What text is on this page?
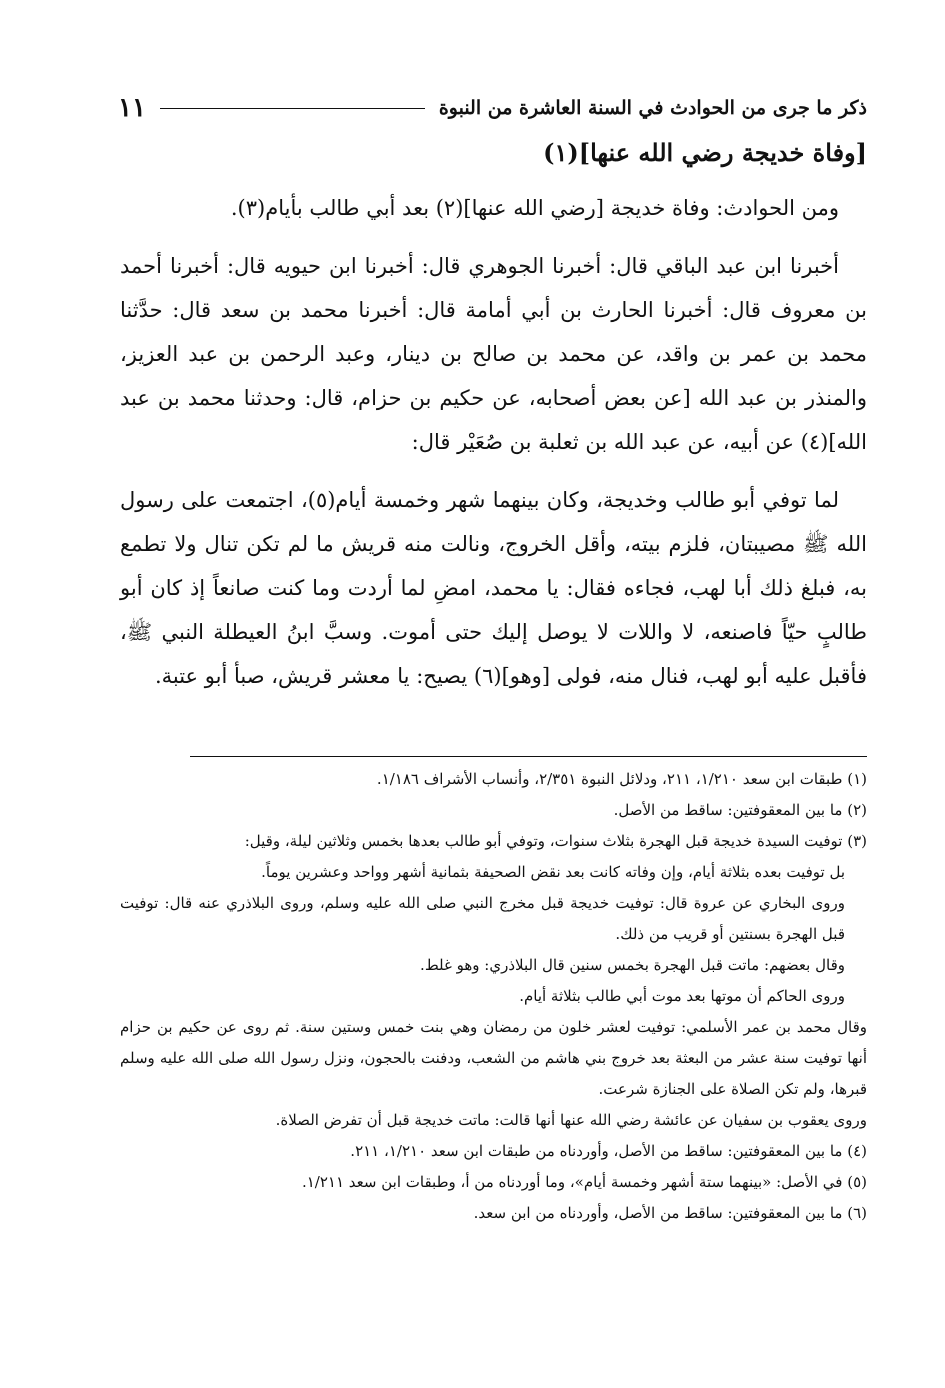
ذكر ما جرى من الحوادث في السنة العاشرة من النبوة
١١
[وفاة خديجة رضي الله عنها](١)

ومن الحوادث: وفاة خديجة [رضي الله عنها](٢) بعد أبي طالب بأيام(٣).

أخبرنا ابن عبد الباقي قال: أخبرنا الجوهري قال: أخبرنا ابن حيويه قال: أخبرنا أحمد بن معروف قال: أخبرنا الحارث بن أبي أمامة قال: أخبرنا محمد بن سعد قال: حدَّثنا محمد بن عمر بن واقد، عن محمد بن صالح بن دينار، وعبد الرحمن بن عبد العزيز، والمنذر بن عبد الله [عن بعض أصحابه، عن حكيم بن حزام، قال: وحدثنا محمد بن عبد الله](٤) عن أبيه، عن عبد الله بن ثعلبة بن صُعَيْر قال:

لما توفي أبو طالب وخديجة، وكان بينهما شهر وخمسة أيام(٥)، اجتمعت على رسول الله ﷺ مصيبتان، فلزم بيته، وأقل الخروج، ونالت منه قريش ما لم تكن تنال ولا تطمع به، فبلغ ذلك أبا لهب، فجاءه فقال: يا محمد، امضِ لما أردت وما كنت صانعاً إذ كان أبو طالبٍ حيّاً فاصنعه، لا واللات لا يوصل إليك حتى أموت. وسبَّ ابنُ العيطلة النبي ﷺ، فأقبل عليه أبو لهب، فنال منه، فولى [وهو](٦) يصيح: يا معشر قريش، صبأ أبو عتبة.

(١) طبقات ابن سعد ١/٢١٠، ٢١١، ودلائل النبوة ٢/٣٥١، وأنساب الأشراف ١/١٨٦.

(٢) ما بين المعقوفتين: ساقط من الأصل.

(٣) توفيت السيدة خديجة قبل الهجرة بثلاث سنوات، وتوفي أبو طالب بعدها بخمس وثلاثين ليلة، وقيل:

بل توفيت بعده بثلاثة أيام، وإن وفاته كانت بعد نقض الصحيفة بثمانية أشهر وواحد وعشرين يوماً.

وروى البخاري عن عروة قال: توفيت خديجة قبل مخرج النبي صلى الله عليه وسلم، وروى البلاذري عنه قال: توفيت قبل الهجرة بسنتين أو قريب من ذلك.

وقال بعضهم: ماتت قبل الهجرة بخمس سنين قال البلاذري: وهو غلط.

وروى الحاكم أن موتها بعد موت أبي طالب بثلاثة أيام.

وقال محمد بن عمر الأسلمي: توفيت لعشر خلون من رمضان وهي بنت خمس وستين سنة. ثم روى عن حكيم بن حزام أنها توفيت سنة عشر من البعثة بعد خروج بني هاشم من الشعب، ودفنت بالحجون، ونزل رسول الله صلى الله عليه وسلم قبرها، ولم تكن الصلاة على الجنازة شرعت.

وروى يعقوب بن سفيان عن عائشة رضي الله عنها أنها قالت: ماتت خديجة قبل أن تفرض الصلاة.

(٤) ما بين المعقوفتين: ساقط من الأصل، وأوردناه من طبقات ابن سعد ١/٢١٠، ٢١١.

(٥) في الأصل: «بينهما ستة أشهر وخمسة أيام»، وما أوردناه من أ، وطبقات ابن سعد ١/٢١١.

(٦) ما بين المعقوفتين: ساقط من الأصل، وأوردناه من ابن سعد.
